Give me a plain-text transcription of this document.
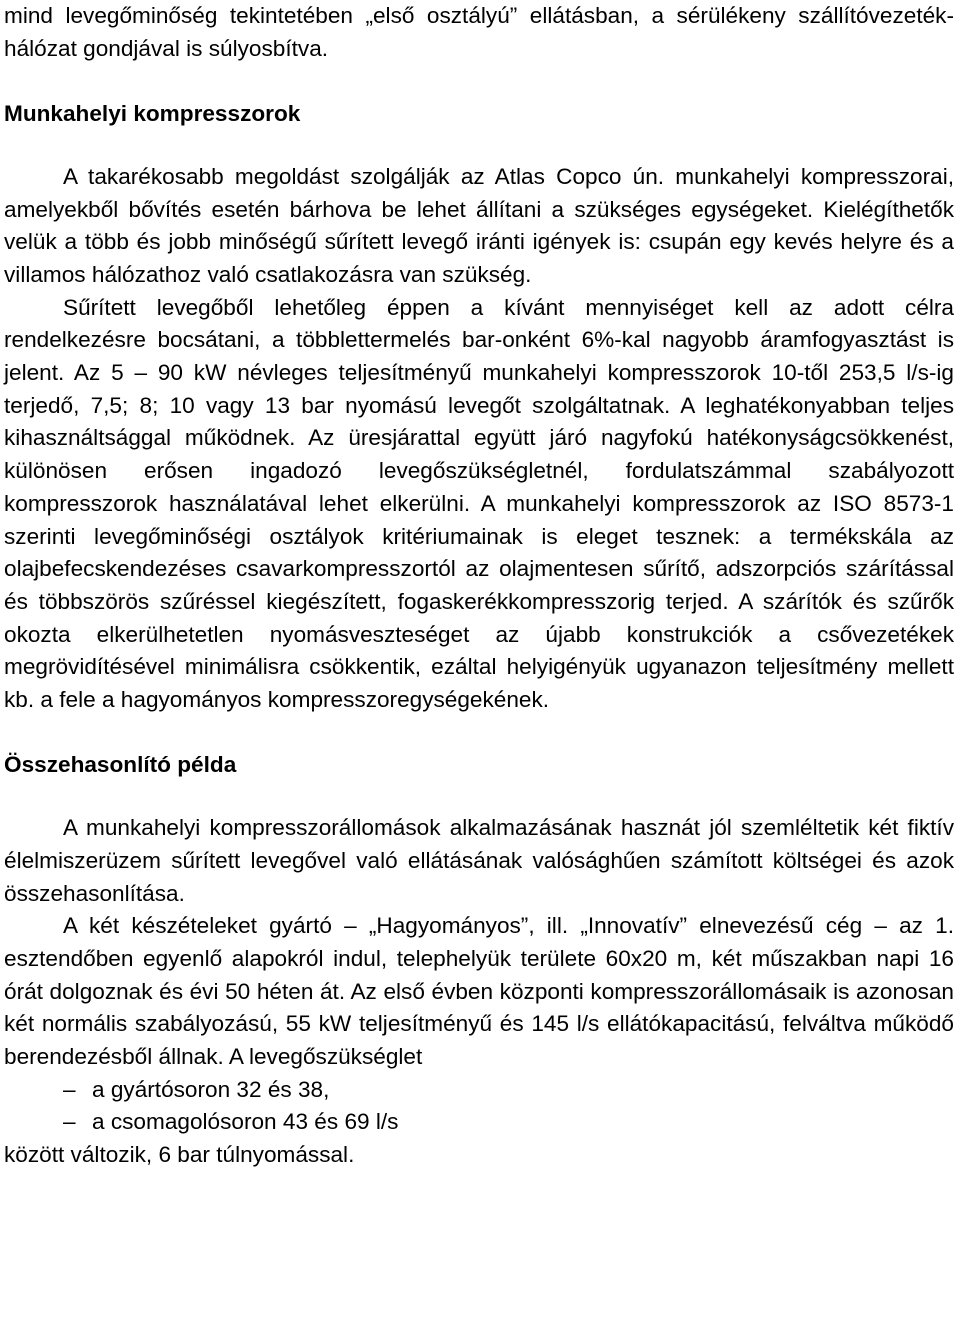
mind levegőminőség tekintetében „első osztályú” ellátásban, a sérülékeny szállítóvezeték-hálózat gondjával is súlyosbítva.

Munkahelyi kompresszorok

A takarékosabb megoldást szolgálják az Atlas Copco ún. munkahelyi kompresszorai, amelyekből bővítés esetén bárhova be lehet állítani a szükséges egységeket. Kielégíthetők velük a több és jobb minőségű sűrített levegő iránti igények is: csupán egy kevés helyre és a villamos hálózathoz való csatlakozásra van szükség.

Sűrített levegőből lehetőleg éppen a kívánt mennyiséget kell az adott célra rendelkezésre bocsátani, a többlettermelés bar-onként 6%-kal nagyobb áramfogyasztást is jelent. Az 5 – 90 kW névleges teljesítményű munkahelyi kompresszorok 10-től 253,5 l/s-ig terjedő, 7,5; 8; 10 vagy 13 bar nyomású levegőt szolgáltatnak. A leghatékonyabban teljes kihasználtsággal működnek. Az üresjárattal együtt járó nagyfokú hatékonyságcsökkenést, különösen erősen ingadozó levegőszükségletnél, fordulatszámmal szabályozott kompresszorok használatával lehet elkerülni. A munkahelyi kompresszorok az ISO 8573-1 szerinti levegőminőségi osztályok kritériumainak is eleget tesznek: a termékskála az olajbefecskendezéses csavarkompresszortól az olajmentesen sűrítő, adszorpciós szárítással és többszörös szűréssel kiegészített, fogaskerékkompresszorig terjed. A szárítók és szűrők okozta elkerülhetetlen nyomásveszteséget az újabb konstrukciók a csővezetékek megrövidítésével minimálisra csökkentik, ezáltal helyigényük ugyanazon teljesítmény mellett kb. a fele a hagyományos kompresszoregységekének.

Összehasonlító példa

A munkahelyi kompresszorállomások alkalmazásának hasznát jól szemléltetik két fiktív élelmiszerüzem sűrített levegővel való ellátásának valósághűen számított költségei és azok összehasonlítása.

A két készételeket gyártó – „Hagyományos”, ill. „Innovatív” elnevezésű cég – az 1. esztendőben egyenlő alapokról indul, telephelyük területe 60x20 m, két műszakban napi 16 órát dolgoznak és évi 50 héten át. Az első évben központi kompresszorállomásaik is azonosan két normális szabályozású, 55 kW teljesítményű és 145 l/s ellátókapacitású, felváltva működő berendezésből állnak. A levegőszükséglet

– a gyártósoron 32 és 38,

– a csomagolósoron 43 és 69 l/s

között változik, 6 bar túlnyomással.
